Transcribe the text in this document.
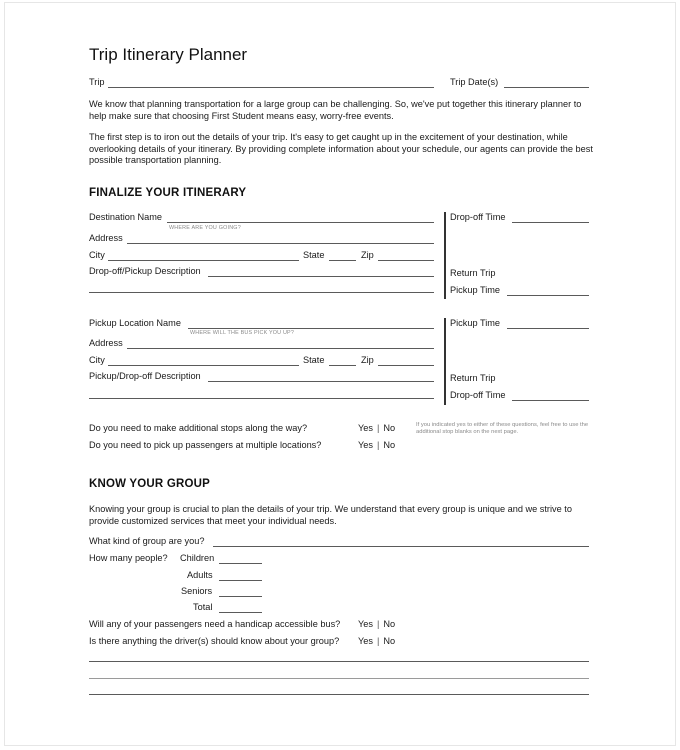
Trip Itinerary Planner
Trip	Trip Date(s)
We know that planning transportation for a large group can be challenging. So, we've put together this itinerary planner to help make sure that choosing First Student means easy, worry-free events.
The first step is to iron out the details of your trip. It's easy to get caught up in the excitement of your destination, while overlooking details of your itinerary. By providing complete information about your schedule, our agents can provide the best possible transportation planning.
FINALIZE YOUR ITINERARY
Destination Name
WHERE ARE YOU GOING?
Address
City	State	Zip
Drop-off/Pickup Description
Drop-off Time
Return Trip
Pickup Time
Pickup Location Name
WHERE WILL THE BUS PICK YOU UP?
Address
City	State	Zip
Pickup/Drop-off Description
Pickup Time
Return Trip
Drop-off Time
Do you need to make additional stops along the way?	Yes | No
Do you need to pick up passengers at multiple locations?	Yes | No
If you indicated yes to either of these questions, feel free to use the additional stop blanks on the next page.
KNOW YOUR GROUP
Knowing your group is crucial to plan the details of your trip. We understand that every group is unique and we strive to provide customized services that meet your individual needs.
What kind of group are you?
How many people? Children
Adults
Seniors
Total
Will any of your passengers need a handicap accessible bus? Yes | No
Is there anything the driver(s) should know about your group? Yes | No
